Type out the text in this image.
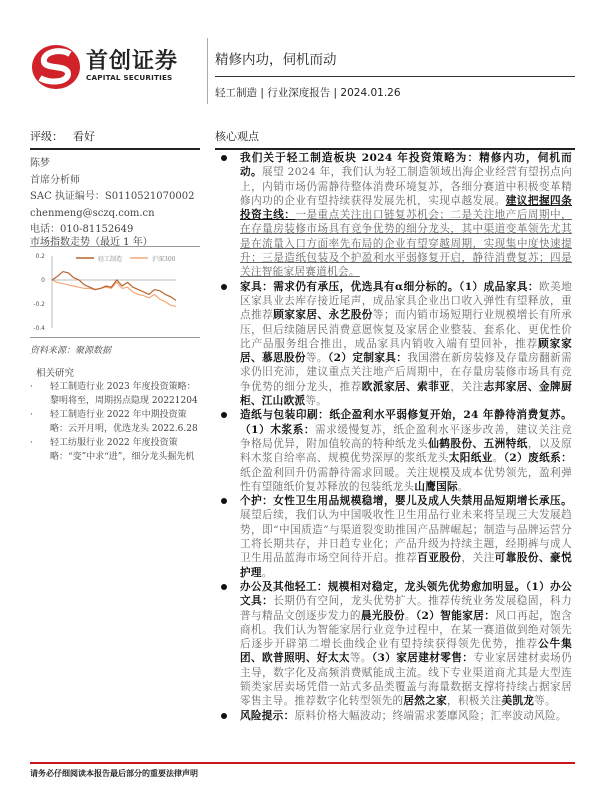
首创证券
CAPITAL SECURITIES
精修内功，伺机而动
轻工制造 | 行业深度报告 | 2024.01.26
评级： 看好	核心观点
陈梦
首席分析师
SAC 执证编号：S0110521070002
chenmeng@sczq.com.cn
电话：010-81152649
市场指数走势（最近 1 年）
0.2
0
-0.2
-0.4
轻工制造	沪深300
资料来源：聚源数据
相关研究
· 轻工制造行业 2023 年度投资策略：黎明将至，周期拐点隐现 20221204
· 轻工制造行业 2022 年中期投资策略：云开月明，优选龙头 2022.6.28
· 轻工纺服行业 2022 年度投资策略：“变”中求“进”，细分龙头掘先机
我们关于轻工制造板块 2024 年投资策略为：精修内功，伺机而动。展望 2024 年，我们认为轻工制造领域出海企业经营有望拐点向上，内销市场仍需静待整体消费环境复苏，各细分赛道中积极变革精修内功的企业有望持续获得发展先机，实现卓越发展。建议把握四条投资主线：一是重点关注出口链复苏机会；二是关注地产后周期中，在存量房装修市场具有竞争优势的细分龙头，其中渠道变革领先尤其是在流量入口方面率先布局的企业有望穿越周期，实现集中度快速提升；三是造纸包装及个护盈利水平弱修复开启，静待消费复苏；四是关注智能家居赛道机会。
家具：需求仍有承压，优选具有α细分标的。（1）成品家具：欧美地区家具业去库存接近尾声，成品家具企业出口收入弹性有望释放，重点推荐顾家家居、永艺股份等；而内销市场短期行业规模增长有所承压，但后续随居民消费意愿恢复及家居企业整装、套系化、更优性价比产品服务组合推出，成品家具内销收入端有望回补，推荐顾家家居、慕思股份等。（2）定制家具：我国潜在新房装修及存量房翻新需求仍旧充沛，建议重点关注地产后周期中，在存量房装修市场具有竞争优势的细分龙头，推荐欧派家居、索菲亚，关注志邦家居、金牌厨柜、江山欧派等。
造纸与包装印刷：纸企盈利水平弱修复开始，24 年静待消费复苏。（1）木浆系：需求缓慢复苏，纸企盈利水平逐步改善，建议关注竞争格局优异，附加值较高的特种纸龙头仙鹤股份、五洲特纸，以及原料木浆自给率高、规模优势深厚的浆纸龙头太阳纸业。（2）废纸系：纸企盈利回升仍需静待需求回暖。关注规模及成本优势领先，盈利弹性有望随纸价复苏释放的包装纸龙头山鹰国际。
个护：女性卫生用品规模稳增，婴儿及成人失禁用品短期增长承压。展望后续，我们认为中国吸收性卫生用品行业未来将呈现三大发展趋势，即“中国质造”与渠道裂变助推国产品牌崛起；制造与品牌运营分工将长期共存，并日趋专业化；产品升级为持续主题，经期裤与成人卫生用品蓝海市场空间待开启。推荐百亚股份，关注可靠股份、豪悦护理。
办公及其他轻工：规模相对稳定，龙头领先优势愈加明显。（1）办公文具：长期仍有空间，龙头优势扩大。推荐传统业务发展稳固，科力普与精品文创逐步发力的晨光股份。（2）智能家居：风口再起，饱含商机。我们认为智能家居行业竞争过程中，在某一赛道做到绝对领先后逐步开辟第二增长曲线企业有望持续获得领先优势，推荐公牛集团、欧普照明、好太太等。（3）家居建材零售：专业家居建材卖场仍主导，数字化及高频消费赋能成主流。线下专业渠道商尤其是大型连锁类家居卖场凭借一站式多品类覆盖与海量数据支撑将持续占据家居零售主导。推荐数字化转型领先的居然之家，积极关注美凯龙等。
风险提示：原料价格大幅波动；终端需求萎靡风险；汇率波动风险。
请务必仔细阅读本报告最后部分的重要法律声明
